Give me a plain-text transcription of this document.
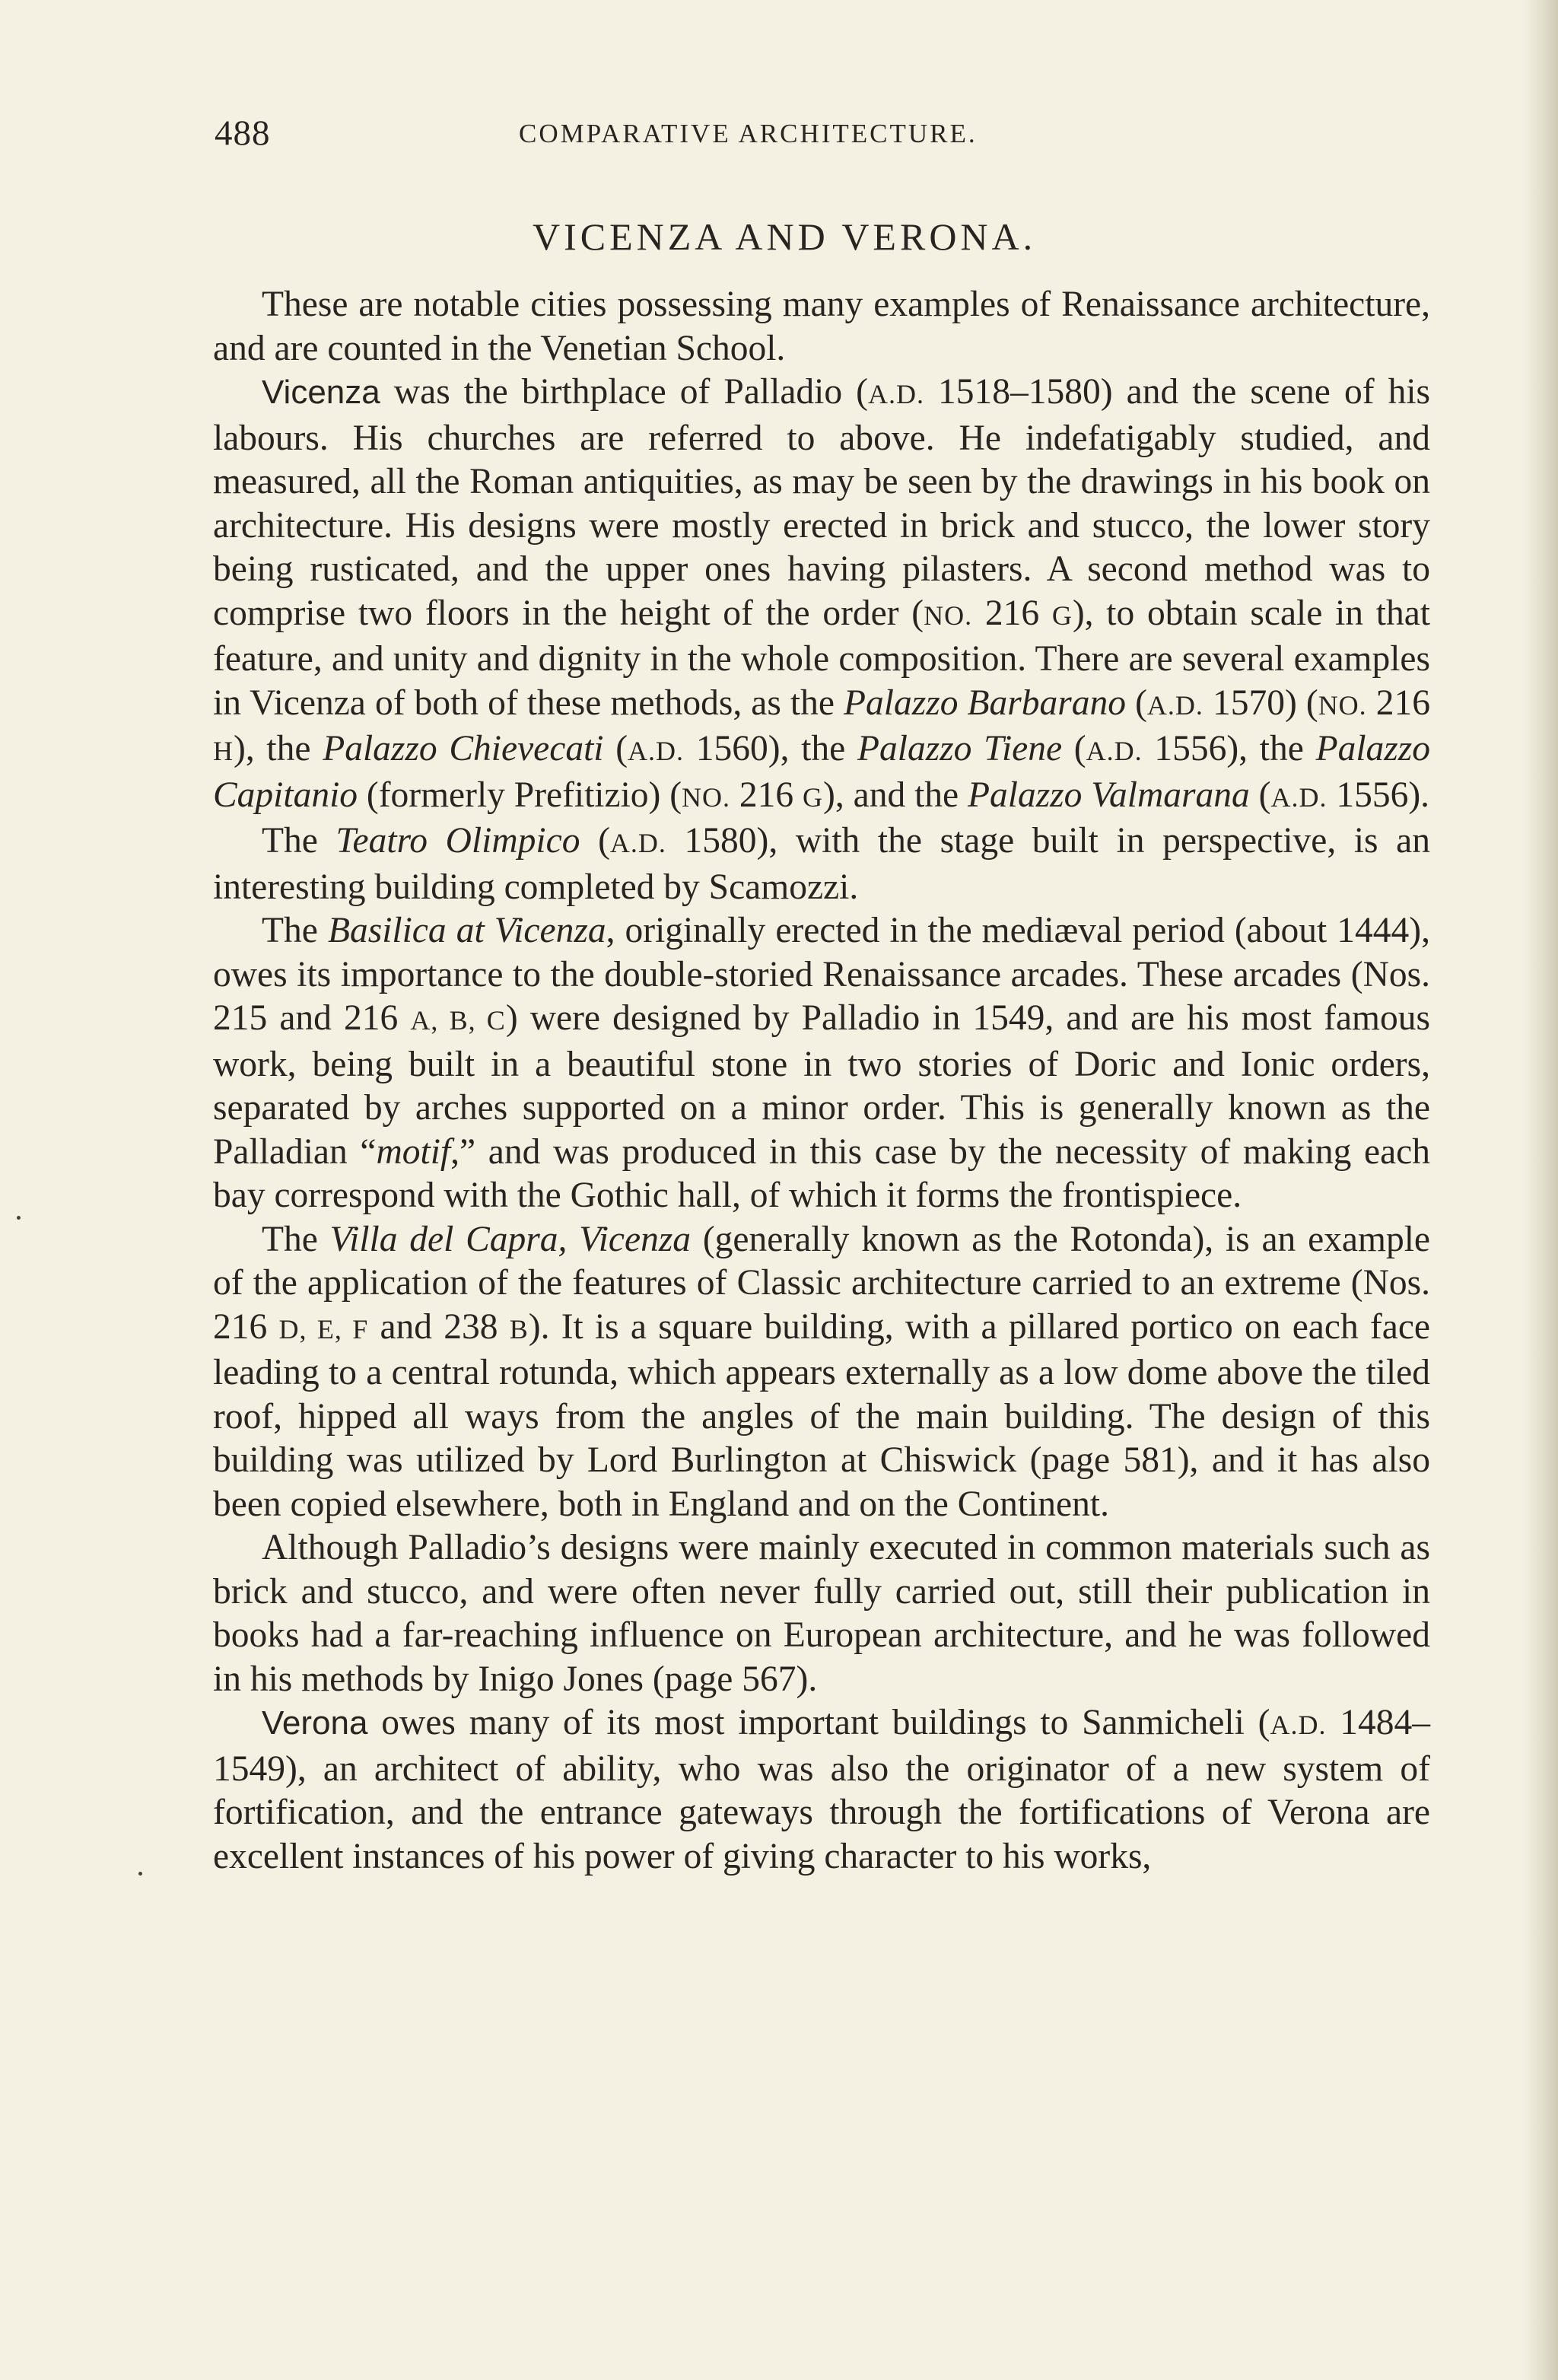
488	COMPARATIVE ARCHITECTURE.
VICENZA AND VERONA.

These are notable cities possessing many examples of Renaissance architecture, and are counted in the Venetian School.

Vicenza was the birthplace of Palladio (A.D. 1518–1580) and the scene of his labours. His churches are referred to above. He indefatigably studied, and measured, all the Roman antiquities, as may be seen by the drawings in his book on architecture. His designs were mostly erected in brick and stucco, the lower story being rusticated, and the upper ones having pilasters. A second method was to comprise two floors in the height of the order (NO. 216 G), to obtain scale in that feature, and unity and dignity in the whole composition. There are several examples in Vicenza of both of these methods, as the Palazzo Barbarano (A.D. 1570) (NO. 216 H), the Palazzo Chievecati (A.D. 1560), the Palazzo Tiene (A.D. 1556), the Palazzo Capitanio (formerly Prefitizio) (NO. 216 G), and the Palazzo Valmarana (A.D. 1556).

The Teatro Olimpico (A.D. 1580), with the stage built in perspective, is an interesting building completed by Scamozzi.

The Basilica at Vicenza, originally erected in the mediæval period (about 1444), owes its importance to the double-storied Renaissance arcades. These arcades (Nos. 215 and 216 A, B, C) were designed by Palladio in 1549, and are his most famous work, being built in a beautiful stone in two stories of Doric and Ionic orders, separated by arches supported on a minor order. This is generally known as the Palladian “motif,” and was produced in this case by the necessity of making each bay correspond with the Gothic hall, of which it forms the frontispiece.

The Villa del Capra, Vicenza (generally known as the Rotonda), is an example of the application of the features of Classic architecture carried to an extreme (Nos. 216 D, E, F and 238 B). It is a square building, with a pillared portico on each face leading to a central rotunda, which appears externally as a low dome above the tiled roof, hipped all ways from the angles of the main building. The design of this building was utilized by Lord Burlington at Chiswick (page 581), and it has also been copied elsewhere, both in England and on the Continent.

Although Palladio’s designs were mainly executed in common materials such as brick and stucco, and were often never fully carried out, still their publication in books had a far-reaching influence on European architecture, and he was followed in his methods by Inigo Jones (page 567).

Verona owes many of its most important buildings to Sanmicheli (A.D. 1484–1549), an architect of ability, who was also the originator of a new system of fortification, and the entrance gateways through the fortifications of Verona are excellent instances of his power of giving character to his works,
